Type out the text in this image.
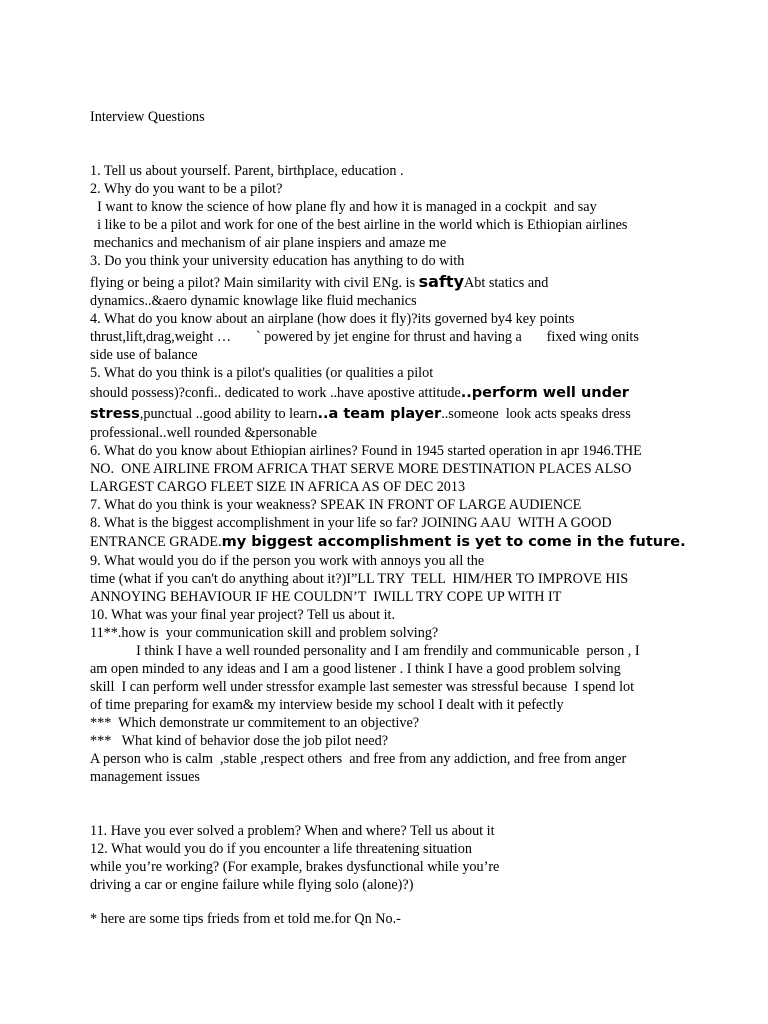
Interview Questions
1. Tell us about yourself. Parent, birthplace, education .
2. Why do you want to be a pilot?
I want to know the science of how plane fly and how it is managed in a cockpit  and say
i like to be a pilot and work for one of the best airline in the world which is Ethiopian airlines
mechanics and mechanism of air plane inspiers and amaze me
3. Do you think your university education has anything to do with
flying or being a pilot? Main similarity with civil ENg. is saftyAbt statics and
dynamics..&aero dynamic knowlage like fluid mechanics
4. What do you know about an airplane (how does it fly)?its governed by4 key points
thrust,lift,drag,weight …       ` powered by jet engine for thrust and having a       fixed wing onits
side use of balance
5. What do you think is a pilot's qualities (or qualities a pilot
should possess)?confi.. dedicated to work ..have apostive attitude..perform well under
stress,punctual ..good ability to learn..a team player..someone  look acts speaks dress
professional..well rounded &personable
6. What do you know about Ethiopian airlines? Found in 1945 started operation in apr 1946.THE
NO.  ONE AIRLINE FROM AFRICA THAT SERVE MORE DESTINATION PLACES ALSO
LARGEST CARGO FLEET SIZE IN AFRICA AS OF DEC 2013
7. What do you think is your weakness? SPEAK IN FRONT OF LARGE AUDIENCE
8. What is the biggest accomplishment in your life so far? JOINING AAU  WITH A GOOD
ENTRANCE GRADE.my biggest accomplishment is yet to come in the future.
9. What would you do if the person you work with annoys you all the
time (what if you can't do anything about it?)I”LL TRY  TELL  HIM/HER TO IMPROVE HIS
ANNOYING BEHAVIOUR IF HE COULDN’T  IWILL TRY COPE UP WITH IT
10. What was your final year project? Tell us about it.
11**.how is  your communication skill and problem solving?
I think I have a well rounded personality and I am frendily and communicable  person , I
am open minded to any ideas and I am a good listener . I think I have a good problem solving
skill  I can perform well under stressfor example last semester was stressful because  I spend lot
of time preparing for exam& my interview beside my school I dealt with it pefectly
***  Which demonstrate ur commitement to an objective?
***   What kind of behavior dose the job pilot need?
A person who is calm  ,stable ,respect others  and free from any addiction, and free from anger
management issues
11. Have you ever solved a problem? When and where? Tell us about it
12. What would you do if you encounter a life threatening situation
while you’re working? (For example, brakes dysfunctional while you’re
driving a car or engine failure while flying solo (alone)?)
* here are some tips frieds from et told me.for Qn No.-
